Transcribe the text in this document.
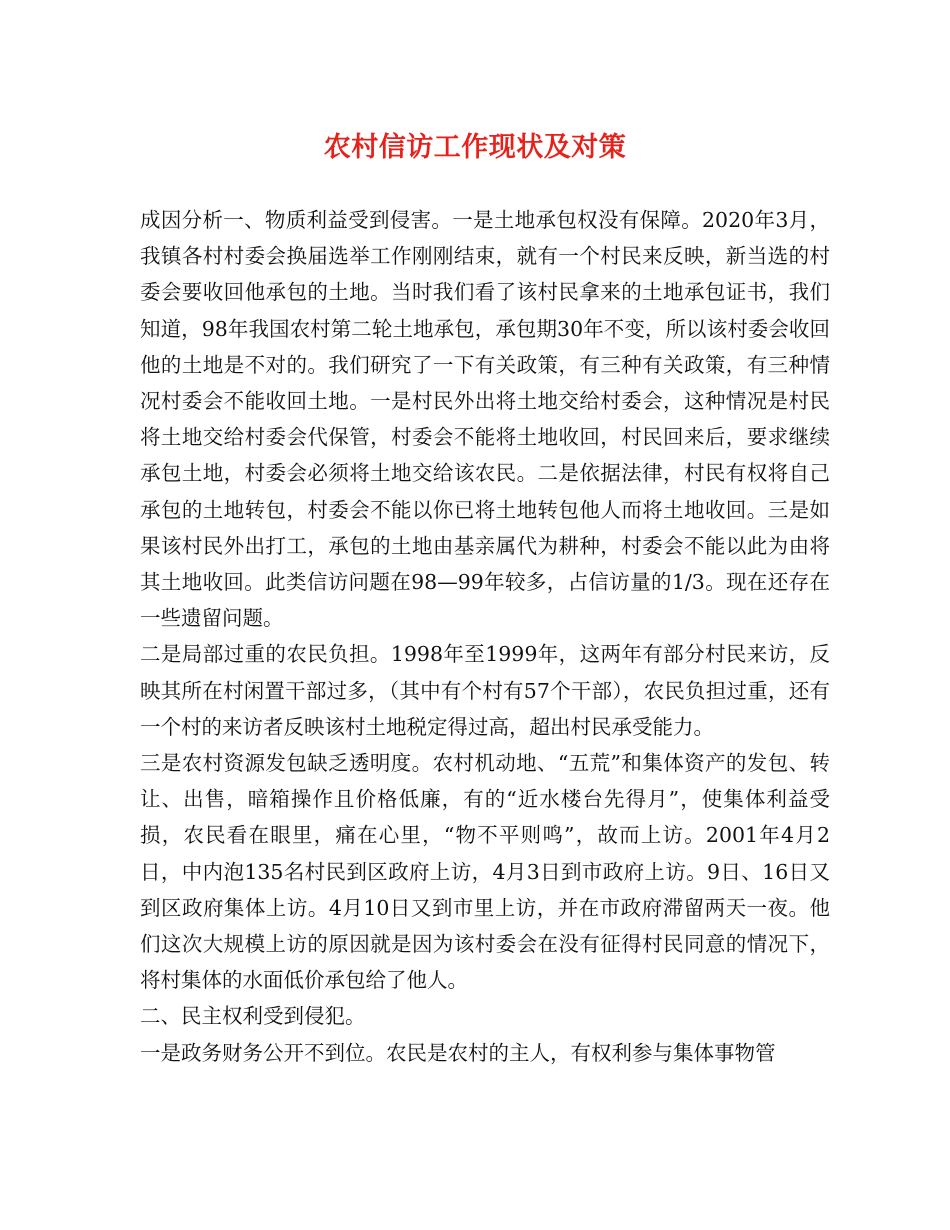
农村信访工作现状及对策

成因分析一、物质利益受到侵害。一是土地承包权没有保障。2020年3月，我镇各村村委会换届选举工作刚刚结束，就有一个村民来反映，新当选的村委会要收回他承包的土地。当时我们看了该村民拿来的土地承包证书，我们知道，98年我国农村第二轮土地承包，承包期30年不变，所以该村委会收回他的土地是不对的。我们研究了一下有关政策，有三种有关政策，有三种情况村委会不能收回土地。一是村民外出将土地交给村委会，这种情况是村民将土地交给村委会代保管，村委会不能将土地收回，村民回来后，要求继续承包土地，村委会必须将土地交给该农民。二是依据法律，村民有权将自己承包的土地转包，村委会不能以你已将土地转包他人而将土地收回。三是如果该村民外出打工，承包的土地由基亲属代为耕种，村委会不能以此为由将其土地收回。此类信访问题在98—99年较多，占信访量的1/3。现在还存在一些遗留问题。

二是局部过重的农民负担。1998年至1999年，这两年有部分村民来访，反映其所在村闲置干部过多，（其中有个村有57个干部），农民负担过重，还有一个村的来访者反映该村土地税定得过高，超出村民承受能力。

三是农村资源发包缺乏透明度。农村机动地、“五荒”和集体资产的发包、转让、出售，暗箱操作且价格低廉，有的“近水楼台先得月”，使集体利益受损，农民看在眼里，痛在心里，“物不平则鸣”，故而上访。2001年4月2日，中内泡135名村民到区政府上访，4月3日到市政府上访。9日、16日又到区政府集体上访。4月10日又到市里上访，并在市政府滞留两天一夜。他们这次大规模上访的原因就是因为该村委会在没有征得村民同意的情况下，将村集体的水面低价承包给了他人。

二、民主权利受到侵犯。

一是政务财务公开不到位。农民是农村的主人，有权利参与集体事物管
